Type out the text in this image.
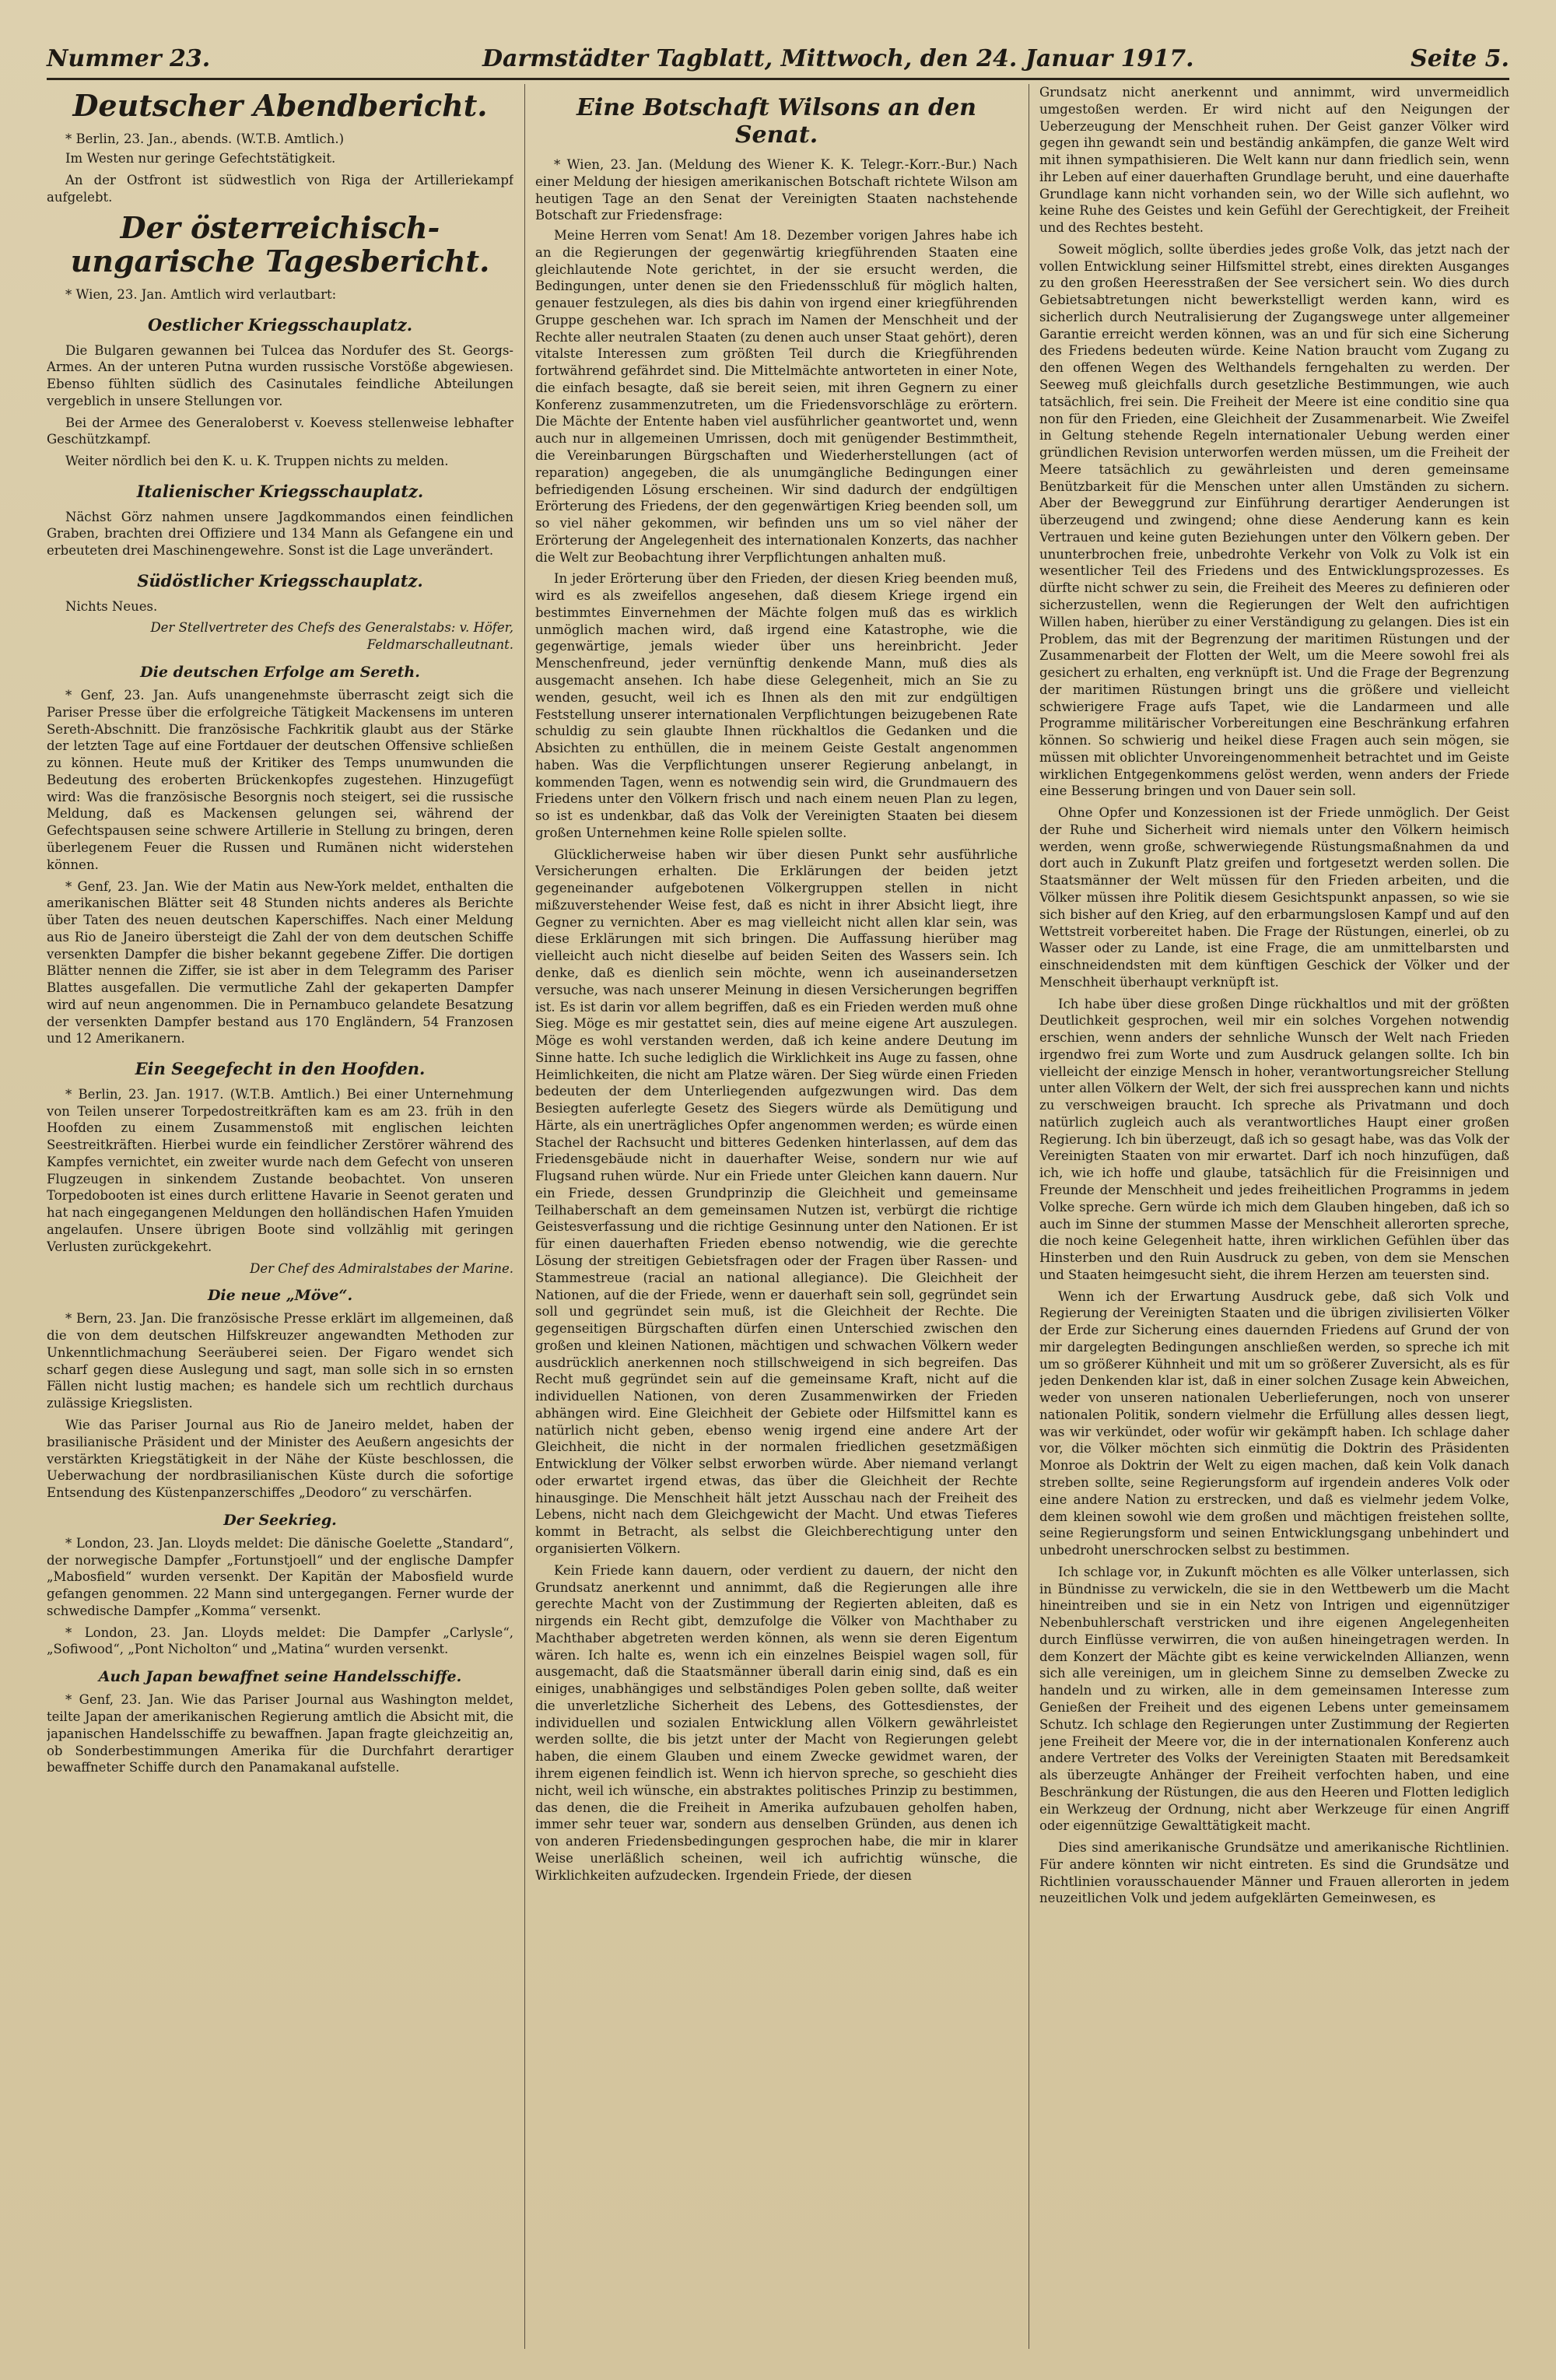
Nummer 23.	Darmstädter Tagblatt, Mittwoch, den 24. Januar 1917.	Seite 5.
Deutscher Abendbericht.

* Berlin, 23. Jan., abends. (W.T.B. Amtlich.)

Im Westen nur geringe Gefechtstätigkeit.

An der Ostfront ist südwestlich von Riga der Artilleriekampf aufgelebt.

Der österreichisch-ungarische Tagesbericht.

* Wien, 23. Jan. Amtlich wird verlautbart:

Oestlicher Kriegsschauplatz.

Die Bulgaren gewannen bei Tulcea das Nordufer des St. Georgs-Armes. An der unteren Putna wurden russische Vorstöße abgewiesen. Ebenso fühlten südlich des Casinutales feindliche Abteilungen vergeblich in unsere Stellungen vor.

Bei der Armee des Generaloberst v. Koevess stellenweise lebhafter Geschützkampf.

Weiter nördlich bei den K. u. K. Truppen nichts zu melden.

Italienischer Kriegsschauplatz.

Nächst Görz nahmen unsere Jagdkommandos einen feindlichen Graben, brachten drei Offiziere und 134 Mann als Gefangene ein und erbeuteten drei Maschinengewehre. Sonst ist die Lage unverändert.

Südöstlicher Kriegsschauplatz.

Nichts Neues.

Der Stellvertreter des Chefs des Generalstabs: v. Höfer, Feldmarschalleutnant.

Die deutschen Erfolge am Sereth.

* Genf, 23. Jan. Aufs unangenehmste überrascht zeigt sich die Pariser Presse über die erfolgreiche Tätigkeit Mackensens im unteren Sereth-Abschnitt. Die französische Fachkritik glaubt aus der Stärke der letzten Tage auf eine Fortdauer der deutschen Offensive schließen zu können. Heute muß der Kritiker des Temps unumwunden die Bedeutung des eroberten Brückenkopfes zugestehen. Hinzugefügt wird: Was die französische Besorgnis noch steigert, sei die russische Meldung, daß es Mackensen gelungen sei, während der Gefechtspausen seine schwere Artillerie in Stellung zu bringen, deren überlegenem Feuer die Russen und Rumänen nicht widerstehen können.

* Genf, 23. Jan. Wie der Matin aus New-York meldet, enthalten die amerikanischen Blätter seit 48 Stunden nichts anderes als Berichte über Taten des neuen deutschen Kaperschiffes. Nach einer Meldung aus Rio de Janeiro übersteigt die Zahl der von dem deutschen Schiffe versenkten Dampfer die bisher bekannt gegebene Ziffer. Die dortigen Blätter nennen die Ziffer, sie ist aber in dem Telegramm des Pariser Blattes ausgefallen. Die vermutliche Zahl der gekaperten Dampfer wird auf neun angenommen. Die in Pernambuco gelandete Besatzung der versenkten Dampfer bestand aus 170 Engländern, 54 Franzosen und 12 Amerikanern.

Ein Seegefecht in den Hoofden.

* Berlin, 23. Jan. 1917. (W.T.B. Amtlich.) Bei einer Unternehmung von Teilen unserer Torpedostreitkräften kam es am 23. früh in den Hoofden zu einem Zusammenstoß mit englischen leichten Seestreitkräften. Hierbei wurde ein feindlicher Zerstörer während des Kampfes vernichtet, ein zweiter wurde nach dem Gefecht von unseren Flugzeugen in sinkendem Zustande beobachtet. Von unseren Torpedobooten ist eines durch erlittene Havarie in Seenot geraten und hat nach eingegangenen Meldungen den holländischen Hafen Ymuiden angelaufen. Unsere übrigen Boote sind vollzählig mit geringen Verlusten zurückgekehrt.

Der Chef des Admiralstabes der Marine.

Die neue „Möve“.

* Bern, 23. Jan. Die französische Presse erklärt im allgemeinen, daß die von dem deutschen Hilfskreuzer angewandten Methoden zur Unkenntlichmachung Seeräuberei seien. Der Figaro wendet sich scharf gegen diese Auslegung und sagt, man solle sich in so ernsten Fällen nicht lustig machen; es handele sich um rechtlich durchaus zulässige Kriegslisten.

Wie das Pariser Journal aus Rio de Janeiro meldet, haben der brasilianische Präsident und der Minister des Aeußern angesichts der verstärkten Kriegstätigkeit in der Nähe der Küste beschlossen, die Ueberwachung der nordbrasilianischen Küste durch die sofortige Entsendung des Küstenpanzerschiffes „Deodoro“ zu verschärfen.

Der Seekrieg.

* London, 23. Jan. Lloyds meldet: Die dänische Goelette „Standard“, der norwegische Dampfer „Fortunstjoell“ und der englische Dampfer „Mabosfield“ wurden versenkt. Der Kapitän der Mabosfield wurde gefangen genommen. 22 Mann sind untergegangen. Ferner wurde der schwedische Dampfer „Komma“ versenkt.

* London, 23. Jan. Lloyds meldet: Die Dampfer „Carlysle“, „Sofiwood“, „Pont Nicholton“ und „Matina“ wurden versenkt.

Auch Japan bewaffnet seine Handelsschiffe.

* Genf, 23. Jan. Wie das Pariser Journal aus Washington meldet, teilte Japan der amerikanischen Regierung amtlich die Absicht mit, die japanischen Handelsschiffe zu bewaffnen. Japan fragte gleichzeitig an, ob Sonderbestimmungen Amerika für die Durchfahrt derartiger bewaffneter Schiffe durch den Panamakanal aufstelle.

Eine Botschaft Wilsons an den Senat.

* Wien, 23. Jan. (Meldung des Wiener K. K. Telegr.-Korr.-Bur.) Nach einer Meldung der hiesigen amerikanischen Botschaft richtete Wilson am heutigen Tage an den Senat der Vereinigten Staaten nachstehende Botschaft zur Friedensfrage:

Meine Herren vom Senat! Am 18. Dezember vorigen Jahres habe ich an die Regierungen der gegenwärtig kriegführenden Staaten eine gleichlautende Note gerichtet, in der sie ersucht werden, die Bedingungen, unter denen sie den Friedensschluß für möglich halten, genauer festzulegen, als dies bis dahin von irgend einer kriegführenden Gruppe geschehen war. Ich sprach im Namen der Menschheit und der Rechte aller neutralen Staaten (zu denen auch unser Staat gehört), deren vitalste Interessen zum größten Teil durch die Kriegführenden fortwährend gefährdet sind. Die Mittelmächte antworteten in einer Note, die einfach besagte, daß sie bereit seien, mit ihren Gegnern zu einer Konferenz zusammenzutreten, um die Friedensvorschläge zu erörtern. Die Mächte der Entente haben viel ausführlicher geantwortet und, wenn auch nur in allgemeinen Umrissen, doch mit genügender Bestimmtheit, die Vereinbarungen Bürgschaften und Wiederherstellungen (act of reparation) angegeben, die als unumgängliche Bedingungen einer befriedigenden Lösung erscheinen. Wir sind dadurch der endgültigen Erörterung des Friedens, der den gegenwärtigen Krieg beenden soll, um so viel näher gekommen, wir befinden uns um so viel näher der Erörterung der Angelegenheit des internationalen Konzerts, das nachher die Welt zur Beobachtung ihrer Verpflichtungen anhalten muß.

In jeder Erörterung über den Frieden, der diesen Krieg beenden muß, wird es als zweifellos angesehen, daß diesem Kriege irgend ein bestimmtes Einvernehmen der Mächte folgen muß das es wirklich unmöglich machen wird, daß irgend eine Katastrophe, wie die gegenwärtige, jemals wieder über uns hereinbricht. Jeder Menschenfreund, jeder vernünftig denkende Mann, muß dies als ausgemacht ansehen. Ich habe diese Gelegenheit, mich an Sie zu wenden, gesucht, weil ich es Ihnen als den mit zur endgültigen Feststellung unserer internationalen Verpflichtungen beizugebenen Rate schuldig zu sein glaubte Ihnen rückhaltlos die Gedanken und die Absichten zu enthüllen, die in meinem Geiste Gestalt angenommen haben. Was die Verpflichtungen unserer Regierung anbelangt, in kommenden Tagen, wenn es notwendig sein wird, die Grundmauern des Friedens unter den Völkern frisch und nach einem neuen Plan zu legen, so ist es undenkbar, daß das Volk der Vereinigten Staaten bei diesem großen Unternehmen keine Rolle spielen sollte.

Glücklicherweise haben wir über diesen Punkt sehr ausführliche Versicherungen erhalten. Die Erklärungen der beiden jetzt gegeneinander aufgebotenen Völkergruppen stellen in nicht mißzuverstehender Weise fest, daß es nicht in ihrer Absicht liegt, ihre Gegner zu vernichten. Aber es mag vielleicht nicht allen klar sein, was diese Erklärungen mit sich bringen. Die Auffassung hierüber mag vielleicht auch nicht dieselbe auf beiden Seiten des Wassers sein. Ich denke, daß es dienlich sein möchte, wenn ich auseinandersetzen versuche, was nach unserer Meinung in diesen Versicherungen begriffen ist. Es ist darin vor allem begriffen, daß es ein Frieden werden muß ohne Sieg. Möge es mir gestattet sein, dies auf meine eigene Art auszulegen. Möge es wohl verstanden werden, daß ich keine andere Deutung im Sinne hatte. Ich suche lediglich die Wirklichkeit ins Auge zu fassen, ohne Heimlichkeiten, die nicht am Platze wären. Der Sieg würde einen Frieden bedeuten der dem Unterliegenden aufgezwungen wird. Das dem Besiegten auferlegte Gesetz des Siegers würde als Demütigung und Härte, als ein unerträgliches Opfer angenommen werden; es würde einen Stachel der Rachsucht und bitteres Gedenken hinterlassen, auf dem das Friedensgebäude nicht in dauerhafter Weise, sondern nur wie auf Flugsand ruhen würde. Nur ein Friede unter Gleichen kann dauern. Nur ein Friede, dessen Grundprinzip die Gleichheit und gemeinsame Teilhaberschaft an dem gemeinsamen Nutzen ist, verbürgt die richtige Geistesverfassung und die richtige Gesinnung unter den Nationen. Er ist für einen dauerhaften Frieden ebenso notwendig, wie die gerechte Lösung der streitigen Gebietsfragen oder der Fragen über Rassen- und Stammestreue (racial an national allegiance). Die Gleichheit der Nationen, auf die der Friede, wenn er dauerhaft sein soll, gegründet sein soll und gegründet sein muß, ist die Gleichheit der Rechte. Die gegenseitigen Bürgschaften dürfen einen Unterschied zwischen den großen und kleinen Nationen, mächtigen und schwachen Völkern weder ausdrücklich anerkennen noch stillschweigend in sich begreifen. Das Recht muß gegründet sein auf die gemeinsame Kraft, nicht auf die individuellen Nationen, von deren Zusammenwirken der Frieden abhängen wird. Eine Gleichheit der Gebiete oder Hilfsmittel kann es natürlich nicht geben, ebenso wenig irgend eine andere Art der Gleichheit, die nicht in der normalen friedlichen gesetzmäßigen Entwicklung der Völker selbst erworben würde. Aber niemand verlangt oder erwartet irgend etwas, das über die Gleichheit der Rechte hinausginge. Die Menschheit hält jetzt Ausschau nach der Freiheit des Lebens, nicht nach dem Gleichgewicht der Macht. Und etwas Tieferes kommt in Betracht, als selbst die Gleichberechtigung unter den organisierten Völkern.

Kein Friede kann dauern, oder verdient zu dauern, der nicht den Grundsatz anerkennt und annimmt, daß die Regierungen alle ihre gerechte Macht von der Zustimmung der Regierten ableiten, daß es nirgends ein Recht gibt, demzufolge die Völker von Machthaber zu Machthaber abgetreten werden können, als wenn sie deren Eigentum wären. Ich halte es, wenn ich ein einzelnes Beispiel wagen soll, für ausgemacht, daß die Staatsmänner überall darin einig sind, daß es ein einiges, unabhängiges und selbständiges Polen geben sollte, daß weiter die unverletzliche Sicherheit des Lebens, des Gottesdienstes, der individuellen und sozialen Entwicklung allen Völkern gewährleistet werden sollte, die bis jetzt unter der Macht von Regierungen gelebt haben, die einem Glauben und einem Zwecke gewidmet waren, der ihrem eigenen feindlich ist. Wenn ich hiervon spreche, so geschieht dies nicht, weil ich wünsche, ein abstraktes politisches Prinzip zu bestimmen, das denen, die die Freiheit in Amerika aufzubauen geholfen haben, immer sehr teuer war, sondern aus denselben Gründen, aus denen ich von anderen Friedensbedingungen gesprochen habe, die mir in klarer Weise unerläßlich scheinen, weil ich aufrichtig wünsche, die Wirklichkeiten aufzudecken. Irgendein Friede, der diesen

Grundsatz nicht anerkennt und annimmt, wird unvermeidlich umgestoßen werden. Er wird nicht auf den Neigungen der Ueberzeugung der Menschheit ruhen. Der Geist ganzer Völker wird gegen ihn gewandt sein und beständig ankämpfen, die ganze Welt wird mit ihnen sympathisieren. Die Welt kann nur dann friedlich sein, wenn ihr Leben auf einer dauerhaften Grundlage beruht, und eine dauerhafte Grundlage kann nicht vorhanden sein, wo der Wille sich auflehnt, wo keine Ruhe des Geistes und kein Gefühl der Gerechtigkeit, der Freiheit und des Rechtes besteht.

Soweit möglich, sollte überdies jedes große Volk, das jetzt nach der vollen Entwicklung seiner Hilfsmittel strebt, eines direkten Ausganges zu den großen Heeresstraßen der See versichert sein. Wo dies durch Gebietsabtretungen nicht bewerkstelligt werden kann, wird es sicherlich durch Neutralisierung der Zugangswege unter allgemeiner Garantie erreicht werden können, was an und für sich eine Sicherung des Friedens bedeuten würde. Keine Nation braucht vom Zugang zu den offenen Wegen des Welthandels ferngehalten zu werden. Der Seeweg muß gleichfalls durch gesetzliche Bestimmungen, wie auch tatsächlich, frei sein. Die Freiheit der Meere ist eine conditio sine qua non für den Frieden, eine Gleichheit der Zusammenarbeit. Wie Zweifel in Geltung stehende Regeln internationaler Uebung werden einer gründlichen Revision unterworfen werden müssen, um die Freiheit der Meere tatsächlich zu gewährleisten und deren gemeinsame Benützbarkeit für die Menschen unter allen Umständen zu sichern. Aber der Beweggrund zur Einführung derartiger Aenderungen ist überzeugend und zwingend; ohne diese Aenderung kann es kein Vertrauen und keine guten Beziehungen unter den Völkern geben. Der ununterbrochen freie, unbedrohte Verkehr von Volk zu Volk ist ein wesentlicher Teil des Friedens und des Entwicklungsprozesses. Es dürfte nicht schwer zu sein, die Freiheit des Meeres zu definieren oder sicherzustellen, wenn die Regierungen der Welt den aufrichtigen Willen haben, hierüber zu einer Verständigung zu gelangen. Dies ist ein Problem, das mit der Begrenzung der maritimen Rüstungen und der Zusammenarbeit der Flotten der Welt, um die Meere sowohl frei als gesichert zu erhalten, eng verknüpft ist. Und die Frage der Begrenzung der maritimen Rüstungen bringt uns die größere und vielleicht schwierigere Frage aufs Tapet, wie die Landarmeen und alle Programme militärischer Vorbereitungen eine Beschränkung erfahren können. So schwierig und heikel diese Fragen auch sein mögen, sie müssen mit oblichter Unvoreingenommenheit betrachtet und im Geiste wirklichen Entgegenkommens gelöst werden, wenn anders der Friede eine Besserung bringen und von Dauer sein soll.

Ohne Opfer und Konzessionen ist der Friede unmöglich. Der Geist der Ruhe und Sicherheit wird niemals unter den Völkern heimisch werden, wenn große, schwerwiegende Rüstungsmaßnahmen da und dort auch in Zukunft Platz greifen und fortgesetzt werden sollen. Die Staatsmänner der Welt müssen für den Frieden arbeiten, und die Völker müssen ihre Politik diesem Gesichtspunkt anpassen, so wie sie sich bisher auf den Krieg, auf den erbarmungslosen Kampf und auf den Wettstreit vorbereitet haben. Die Frage der Rüstungen, einerlei, ob zu Wasser oder zu Lande, ist eine Frage, die am unmittelbarsten und einschneidendsten mit dem künftigen Geschick der Völker und der Menschheit überhaupt verknüpft ist.

Ich habe über diese großen Dinge rückhaltlos und mit der größten Deutlichkeit gesprochen, weil mir ein solches Vorgehen notwendig erschien, wenn anders der sehnliche Wunsch der Welt nach Frieden irgendwo frei zum Worte und zum Ausdruck gelangen sollte. Ich bin vielleicht der einzige Mensch in hoher, verantwortungsreicher Stellung unter allen Völkern der Welt, der sich frei aussprechen kann und nichts zu verschweigen braucht. Ich spreche als Privatmann und doch natürlich zugleich auch als verantwortliches Haupt einer großen Regierung. Ich bin überzeugt, daß ich so gesagt habe, was das Volk der Vereinigten Staaten von mir erwartet. Darf ich noch hinzufügen, daß ich, wie ich hoffe und glaube, tatsächlich für die Freisinnigen und Freunde der Menschheit und jedes freiheitlichen Programms in jedem Volke spreche. Gern würde ich mich dem Glauben hingeben, daß ich so auch im Sinne der stummen Masse der Menschheit allerorten spreche, die noch keine Gelegenheit hatte, ihren wirklichen Gefühlen über das Hinsterben und den Ruin Ausdruck zu geben, von dem sie Menschen und Staaten heimgesucht sieht, die ihrem Herzen am teuersten sind.

Wenn ich der Erwartung Ausdruck gebe, daß sich Volk und Regierung der Vereinigten Staaten und die übrigen zivilisierten Völker der Erde zur Sicherung eines dauernden Friedens auf Grund der von mir dargelegten Bedingungen anschließen werden, so spreche ich mit um so größerer Kühnheit und mit um so größerer Zuversicht, als es für jeden Denkenden klar ist, daß in einer solchen Zusage kein Abweichen, weder von unseren nationalen Ueberlieferungen, noch von unserer nationalen Politik, sondern vielmehr die Erfüllung alles dessen liegt, was wir verkündet, oder wofür wir gekämpft haben. Ich schlage daher vor, die Völker möchten sich einmütig die Doktrin des Präsidenten Monroe als Doktrin der Welt zu eigen machen, daß kein Volk danach streben sollte, seine Regierungsform auf irgendein anderes Volk oder eine andere Nation zu erstrecken, und daß es vielmehr jedem Volke, dem kleinen sowohl wie dem großen und mächtigen freistehen sollte, seine Regierungsform und seinen Entwicklungsgang unbehindert und unbedroht unerschrocken selbst zu bestimmen.

Ich schlage vor, in Zukunft möchten es alle Völker unterlassen, sich in Bündnisse zu verwickeln, die sie in den Wettbewerb um die Macht hineintreiben und sie in ein Netz von Intrigen und eigennütziger Nebenbuhlerschaft verstricken und ihre eigenen Angelegenheiten durch Einflüsse verwirren, die von außen hineingetragen werden. In dem Konzert der Mächte gibt es keine verwickelnden Allianzen, wenn sich alle vereinigen, um in gleichem Sinne zu demselben Zwecke zu handeln und zu wirken, alle in dem gemeinsamen Interesse zum Genießen der Freiheit und des eigenen Lebens unter gemeinsamem Schutz. Ich schlage den Regierungen unter Zustimmung der Regierten jene Freiheit der Meere vor, die in der internationalen Konferenz auch andere Vertreter des Volks der Vereinigten Staaten mit Beredsamkeit als überzeugte Anhänger der Freiheit verfochten haben, und eine Beschränkung der Rüstungen, die aus den Heeren und Flotten lediglich ein Werkzeug der Ordnung, nicht aber Werkzeuge für einen Angriff oder eigennützige Gewalttätigkeit macht.

Dies sind amerikanische Grundsätze und amerikanische Richtlinien. Für andere könnten wir nicht eintreten. Es sind die Grundsätze und Richtlinien vorausschauender Männer und Frauen allerorten in jedem neuzeitlichen Volk und jedem aufgeklärten Gemeinwesen, es
